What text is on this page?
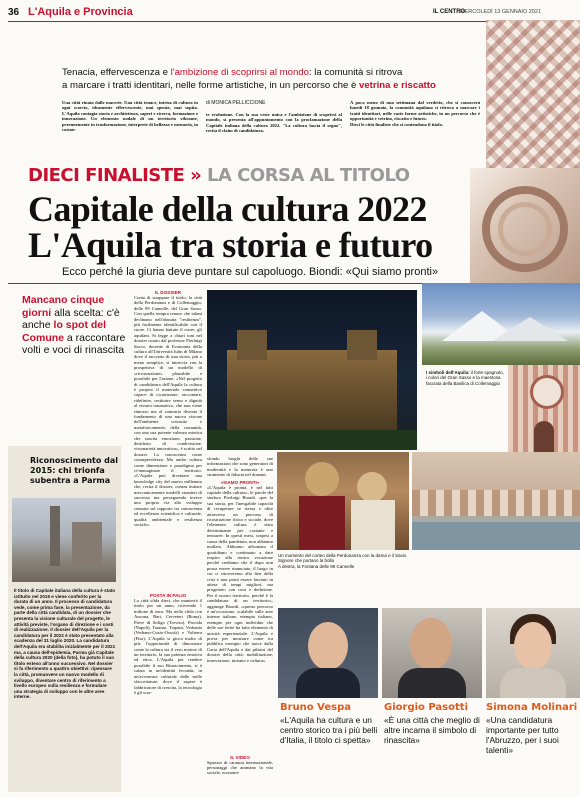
36 L'Aquila e Provincia	IL CENTRO
MERCOLEDÌ 13 GENNAIO 2021
Tenacia, effervescenza e l'ambizione di scoprirsi al mondo: la comunità si ritrova
a marcare i tratti identitari, nelle forme artistiche, in un percorso che è vetrina e riscatto
Una città rinata dalle macerie. Una città tenace, intrisa di cultura in ogni scorcio, ideamente effervescente, mai spenta, mai sopita. L'Aquila contagia storia e architettura, saperi e ricerca, formazione e innovazione. Un elemento nodale di un territorio vibrante, perennemente in trasformazione, interprete di bellezza e memoria, in costan-
di MONICA PELLICCIONE
te evoluzione. Con la sua veste unica e l'ambizione di scoprirsi al mondo, si presenta all'appuntamento con la proclamazione della Capitale italiana della cultura 2022. "La cultura lascia il segno", recita il claim di candidatura.
A poco meno di una settimana dal verdetto, che si conoscerà lunedì 18 gennaio, la comunità aquilana si ritrova a marcare i tratti identitari, nelle varie forme artistiche, in un percorso che è opportunità e vetrina, riscatto e futuro.
Dieci le città finaliste che si contendono il titolo.
DIECI FINALISTE » LA CORSA AL TITOLO
Capitale della cultura 2022
L'Aquila tra storia e futuro
Ecco perché la giuria deve puntare sul capoluogo. Biondi: «Qui siamo pronti»
Mancano cinque giorni alla scelta: c'è anche lo spot del Comune a raccontare volti e voci di rinascita
Riconoscimento dal 2015: chi trionfa subentra a Parma
Il titolo di Capitale italiana della cultura è stato istituito nel 2015 e viene conferito per la durata di un anno. Il processo di candidatura vede, come prima fase, la presentazione, da parte della città candidata, di un dossier che presenta la visione culturale del progetto, le attività previste, l'organo di direzione e i costi di realizzazione. Il dossier dell'Aquila per la candidatura per il 2022 è stato presentato alla scadenza del 31 luglio 2020. La candidatura dell'Aquila era stabilita inizialmente per il 2021 ma, a causa dell'epidemia, Parma già Capitale della cultura 2020 (della foto), ha potuto il suo titolo esteso all'anno successivo. Nel dossier si fa riferimento a quattro obiettivi: ripensare la città, promuovere un nuovo modello di sviluppo, diventare centro di riferimento a livello europeo sulla resilienza e formulare una strategia di sviluppo con le altre aree interne.
IL DOSSIER
Conta di strappare il titolo, la città della Perdonanza e di Collemaggio, delle 99 Cannelle, del Gran Sasso. Con quella tempra tenace che taluni declinano nell'abusata "resilienza", più facilmente identificabile con il cuore. Ci hanno battuto il cuore, gli aquilani. Si legge a chiari toni nel dossier curato dal professor Pierluigi Sacco, docente di Economia della cultura all'Università Iulm di Milano dove il racconto di una storia, più o meno semplice, si intreccia con la prospettiva di un modello di «ricostruzione» plausibile e possibile per l'azione. «Nel progetto di candidatura dell'Aquila la cultura è proprio il materiale connettivo capace di cicatrizzare, raccontare, ridefinire, restituire senso e dignità al vissuto traumatico, che non viene rimosso ma al contrario diventa il fondamento di una nuova visione dell'ambiente costruito e metaforicamente, della comunità, con una sua potente valenza estetica che suscita emozione, passione, desiderio di condivisione, visionarietà innovativa», è scritto nel dossier. La conoscenza come consapevolezza. Ma anche cultura come dimensione e paradigma per ri-immaginare il territorio. «L'Aquila può diventare una knowledge city del nuovo millennio che, recita il dossier, «senza imitare meccanicamente modelli stranieri di successo ma perseguendo invece una propria via allo sviluppo centrata sul rapporto tra conoscenza ed eccellenza scientifica e culturale, qualità ambientale e resilienza sociale».
POSTA IN PALIO
La città sfida dieci, che manterrà il titolo per un anno, ricevendo 1 milione di euro. Ma nella sfida con Ancona, Bari, Cerveteri (Roma), Pieve di Soligo (Treviso), Procida (Napoli), Taranto, Trapani, Verbania (Verbano-Cusio-Ossola) e Volterra (Pisa), L'Aquila si gioca molto di più: l'opportunità di dimostrare come la cultura sia il vero motore di un territorio, la sua potenza emotiva ed etica. L'Aquila per rendere possibile il suo Rinascimento, si è calata in un'identità feconda, in un'avventura culturale dalle mille sfaccettature, dove il sapere è fabbricatore di crescita, la tecnologia è gli scor-
I simboli dell'Aquila: il forte spagnolo, i colori del Gran Sasso e la maestosa facciata della Basilica di Collemaggio
sfondo luoghi delle sue informazioni che sono generatori di modernità e la memoria è uno strumento di fiducia nel domani.
«SIAMO PRONTI»
«L'Aquila è pronta, è nel fatti capitale della cultura», le parole del sindaco Pierluigi Biondi. «per la sua storia, per l'inesgabile capacità di recuperare se stessa e oltre attraverso un percorso di ricostruzione fisica e sociale, dove l'elemento cultura è stato determinante per costante e tenoaree. In questi mesi, sospesi a causa della pandemia, non abbiamo mollato. Abbiamo affrontato il quotidiano e continuato a dare respiro alla nostra vocazione perché crediamo che il dopo non possa essere rinunciato, il luogo in cui ci ritroveremo alla fine della crisi e non potrà essere lasciato in attesa di tempi migliori, ma progettato con cura e dedizione. Per il nostro territorio, perché è la candidatura di un territorio», aggiunge Biondi, «questo percorso è un'occasione, scalabile sulle aree interne italiane, esempio italiano, esempio per ogni individuo che delle sue ferite ha fatto elemento di unicità esperienziale. L'Aquila e prova per mostrare come tra pubblico esempio che nasce dalla Carta dell'Aquila e dai pilastri del dossier della città: mobilitazione, innovazione, turismo e cultura».
IL VIDEO
Sponsor di caratura internazionale, personaggi che animano la vita sociale, economi-
Un momento del corteo della Perdonanza con la dama e il Savio Signore che portano la bolla
A destra, la Fontana delle 99 Cannelle
Bruno Vespa
«L'Aquila ha cultura e un centro storico tra i più belli d'Italia, il titolo ci spetta»
Giorgio Pasotti
«È una città che meglio di altre incarna il simbolo di rinascita»
Simona Molinari
«Una candidatura importante per tutto l'Abruzzo, per i suoi talenti»
